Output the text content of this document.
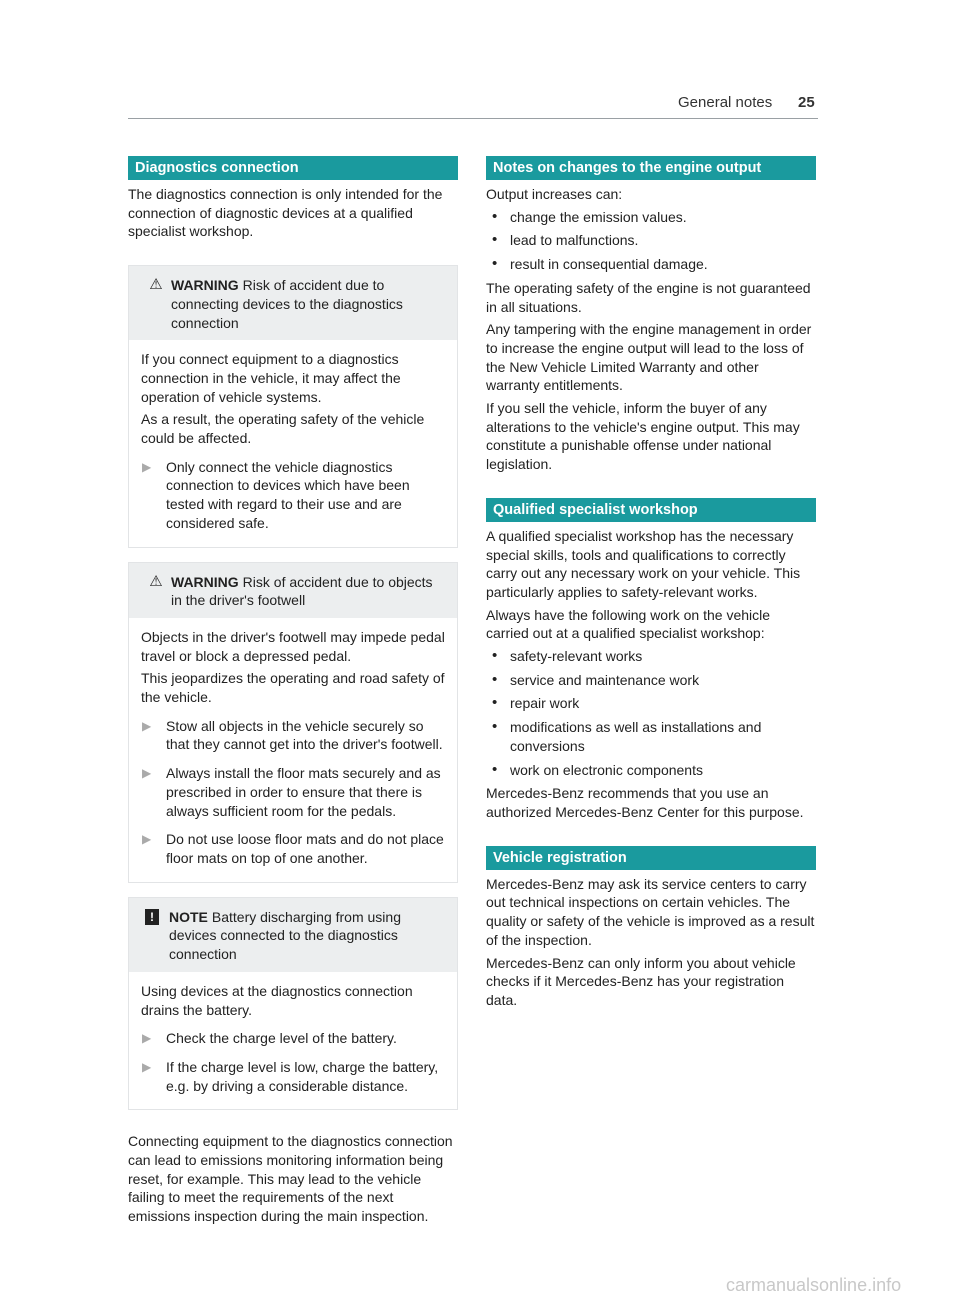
General notes 25
Diagnostics connection

The diagnostics connection is only intended for the connection of diagnostic devices at a qualified specialist workshop.

⚠ WARNING Risk of accident due to connecting devices to the diagnostics connection

If you connect equipment to a diagnostics connection in the vehicle, it may affect the operation of vehicle systems.

As a result, the operating safety of the vehicle could be affected.

▶	Only connect the vehicle diagnostics connection to devices which have been tested with regard to their use and are considered safe.
⚠ WARNING Risk of accident due to objects in the driver's footwell

Objects in the driver's footwell may impede pedal travel or block a depressed pedal.

This jeopardizes the operating and road safety of the vehicle.

▶	Stow all objects in the vehicle securely so that they cannot get into the driver's footwell.
▶	Always install the floor mats securely and as prescribed in order to ensure that there is always sufficient room for the pedals.
▶	Do not use loose floor mats and do not place floor mats on top of one another.
!	NOTE Battery discharging from using devices connected to the diagnostics connection

Using devices at the diagnostics connection drains the battery.

▶	Check the charge level of the battery.
▶	If the charge level is low, charge the battery, e.g. by driving a considerable distance.

Connecting equipment to the diagnostics connection can lead to emissions monitoring information being reset, for example. This may lead to the vehicle failing to meet the requirements of the next emissions inspection during the main inspection.

Notes on changes to the engine output

Output increases can:

• change the emission values.
• lead to malfunctions.
• result in consequential damage.

The operating safety of the engine is not guaranteed in all situations.

Any tampering with the engine management in order to increase the engine output will lead to the loss of the New Vehicle Limited Warranty and other warranty entitlements.

If you sell the vehicle, inform the buyer of any alterations to the vehicle's engine output. This may constitute a punishable offense under national legislation.

Qualified specialist workshop

A qualified specialist workshop has the necessary special skills, tools and qualifications to correctly carry out any necessary work on your vehicle. This particularly applies to safety-relevant works.

Always have the following work on the vehicle carried out at a qualified specialist workshop:

• safety-relevant works
• service and maintenance work
• repair work
• modifications as well as installations and conversions
• work on electronic components

Mercedes-Benz recommends that you use an authorized Mercedes-Benz Center for this purpose.

Vehicle registration

Mercedes-Benz may ask its service centers to carry out technical inspections on certain vehicles. The quality or safety of the vehicle is improved as a result of the inspection.

Mercedes-Benz can only inform you about vehicle checks if it Mercedes-Benz has your registration data.

carmanualsonline.info
